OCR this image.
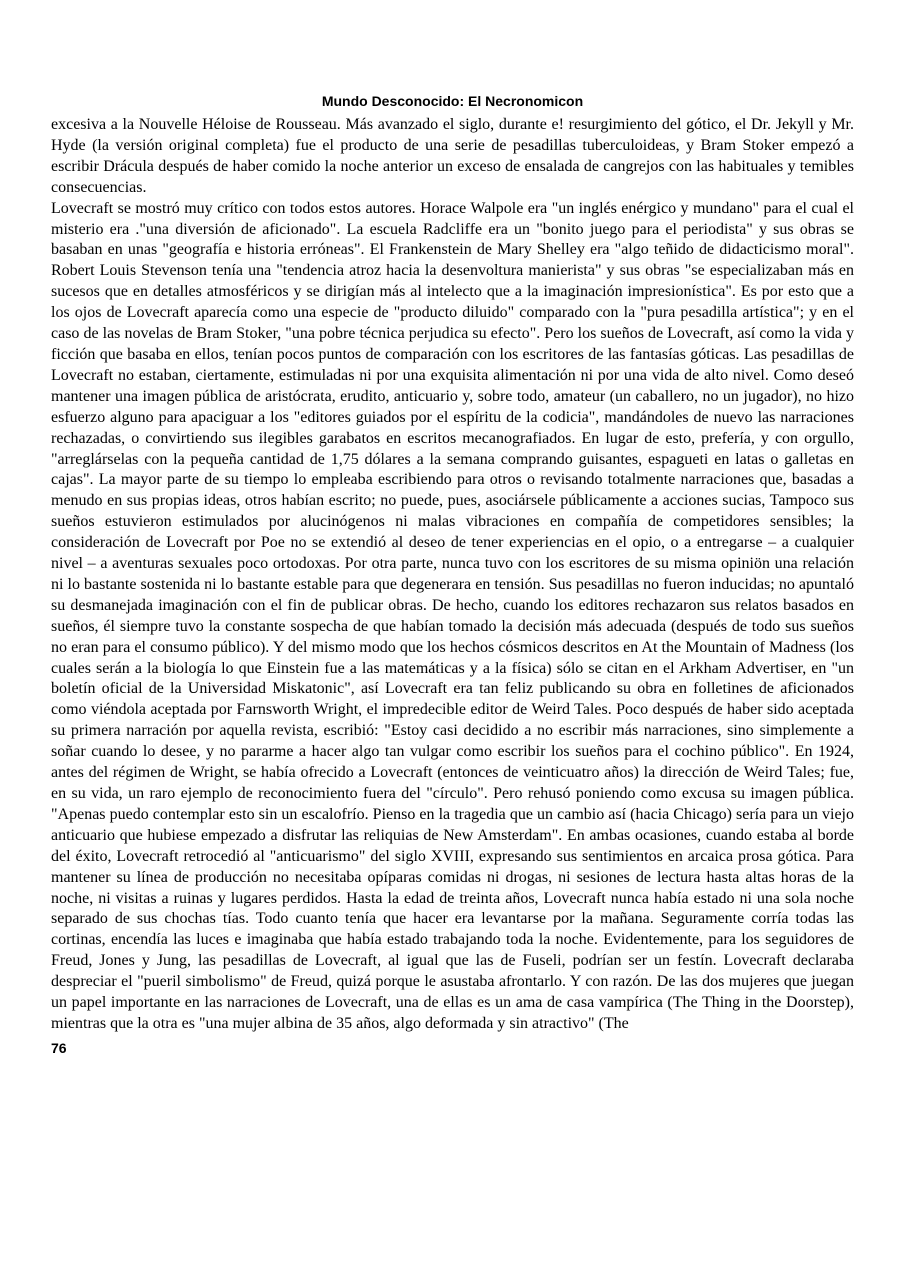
Mundo Desconocido: El Necronomicon

excesiva a la Nouvelle Héloise de Rousseau. Más avanzado el siglo, durante e! resurgimiento del gótico, el Dr. Jekyll y Mr. Hyde (la versión original completa) fue el producto de una serie de pesadillas tuberculoideas, y Bram Stoker empezó a escribir Drácula después de haber comido la noche anterior un exceso de ensalada de cangrejos con las habituales y temibles consecuencias.

Lovecraft se mostró muy crítico con todos estos autores. Horace Walpole era "un inglés enérgico y mundano" para el cual el misterio era ."una diversión de aficionado". La escuela Radcliffe era un "bonito juego para el periodista" y sus obras se basaban en unas "geografía e historia erróneas". El Frankenstein de Mary Shelley era "algo teñido de didacticismo moral". Robert Louis Stevenson tenía una "tendencia atroz hacia la desenvoltura manierista" y sus obras "se especializaban más en sucesos que en detalles atmosféricos y se dirigían más al intelecto que a la imaginación impresionística". Es por esto que a los ojos de Lovecraft aparecía como una especie de "producto diluido" comparado con la "pura pesadilla artística"; y en el caso de las novelas de Bram Stoker, "una pobre técnica perjudica su efecto". Pero los sueños de Lovecraft, así como la vida y ficción que basaba en ellos, tenían pocos puntos de comparación con los escritores de las fantasías góticas. Las pesadillas de Lovecraft no estaban, ciertamente, estimuladas ni por una exquisita alimentación ni por una vida de alto nivel. Como deseó mantener una imagen pública de aristócrata, erudito, anticuario y, sobre todo, amateur (un caballero, no un jugador), no hizo esfuerzo alguno para apaciguar a los "editores guiados por el espíritu de la codicia", mandándoles de nuevo las narraciones rechazadas, o convirtiendo sus ilegibles garabatos en escritos mecanografiados. En lugar de esto, prefería, y con orgullo, "arreglárselas con la pequeña cantidad de 1,75 dólares a la semana comprando guisantes, espagueti en latas o galletas en cajas". La mayor parte de su tiempo lo empleaba escribiendo para otros o revisando totalmente narraciones que, basadas a menudo en sus propias ideas, otros habían escrito; no puede, pues, asociársele públicamente a acciones sucias, Tampoco sus sueños estuvieron estimulados por alucinógenos ni malas vibraciones en compañía de competidores sensibles; la consideración de Lovecraft por Poe no se extendió al deseo de tener experiencias en el opio, o a entregarse – a cualquier nivel – a aventuras sexuales poco ortodoxas. Por otra parte, nunca tuvo con los escritores de su misma opiniön una relación ni lo bastante sostenida ni lo bastante estable para que degenerara en tensión. Sus pesadillas no fueron inducidas; no apuntaló su desmanejada imaginación con el fin de publicar obras. De hecho, cuando los editores rechazaron sus relatos basados en sueños, él siempre tuvo la constante sospecha de que habían tomado la decisión más adecuada (después de todo sus sueños no eran para el consumo público). Y del mismo modo que los hechos cósmicos descritos en At the Mountain of Madness (los cuales serán a la biología lo que Einstein fue a las matemáticas y a la física) sólo se citan en el Arkham Advertiser, en "un boletín oficial de la Universidad Miskatonic", así Lovecraft era tan feliz publicando su obra en folletines de aficionados como viéndola aceptada por Farnsworth Wright, el impredecible editor de Weird Tales. Poco después de haber sido aceptada su primera narración por aquella revista, escribió: "Estoy casi decidido a no escribir más narraciones, sino simplemente a soñar cuando lo desee, y no pararme a hacer algo tan vulgar como escribir los sueños para el cochino público". En 1924, antes del régimen de Wright, se había ofrecido a Lovecraft (entonces de veinticuatro años) la dirección de Weird Tales; fue, en su vida, un raro ejemplo de reconocimiento fuera del "círculo". Pero rehusó poniendo como excusa su imagen pública. "Apenas puedo contemplar esto sin un escalofrío. Pienso en la tragedia que un cambio así (hacia Chicago) sería para un viejo anticuario que hubiese empezado a disfrutar las reliquias de New Amsterdam". En ambas ocasiones, cuando estaba al borde del éxito, Lovecraft retrocedió al "anticuarismo" del siglo XVIII, expresando sus sentimientos en arcaica prosa gótica. Para mantener su línea de producción no necesitaba opíparas comidas ni drogas, ni sesiones de lectura hasta altas horas de la noche, ni visitas a ruinas y lugares perdidos. Hasta la edad de treinta años, Lovecraft nunca había estado ni una sola noche separado de sus chochas tías. Todo cuanto tenía que hacer era levantarse por la mañana. Seguramente corría todas las cortinas, encendía las luces e imaginaba que había estado trabajando toda la noche. Evidentemente, para los seguidores de Freud, Jones y Jung, las pesadillas de Lovecraft, al igual que las de Fuseli, podrían ser un festín. Lovecraft declaraba despreciar el "pueril simbolismo" de Freud, quizá porque le asustaba afrontarlo. Y con razón. De las dos mujeres que juegan un papel importante en las narraciones de Lovecraft, una de ellas es un ama de casa vampírica (The Thing in the Doorstep), mientras que la otra es "una mujer albina de 35 años, algo deformada y sin atractivo" (The

76
